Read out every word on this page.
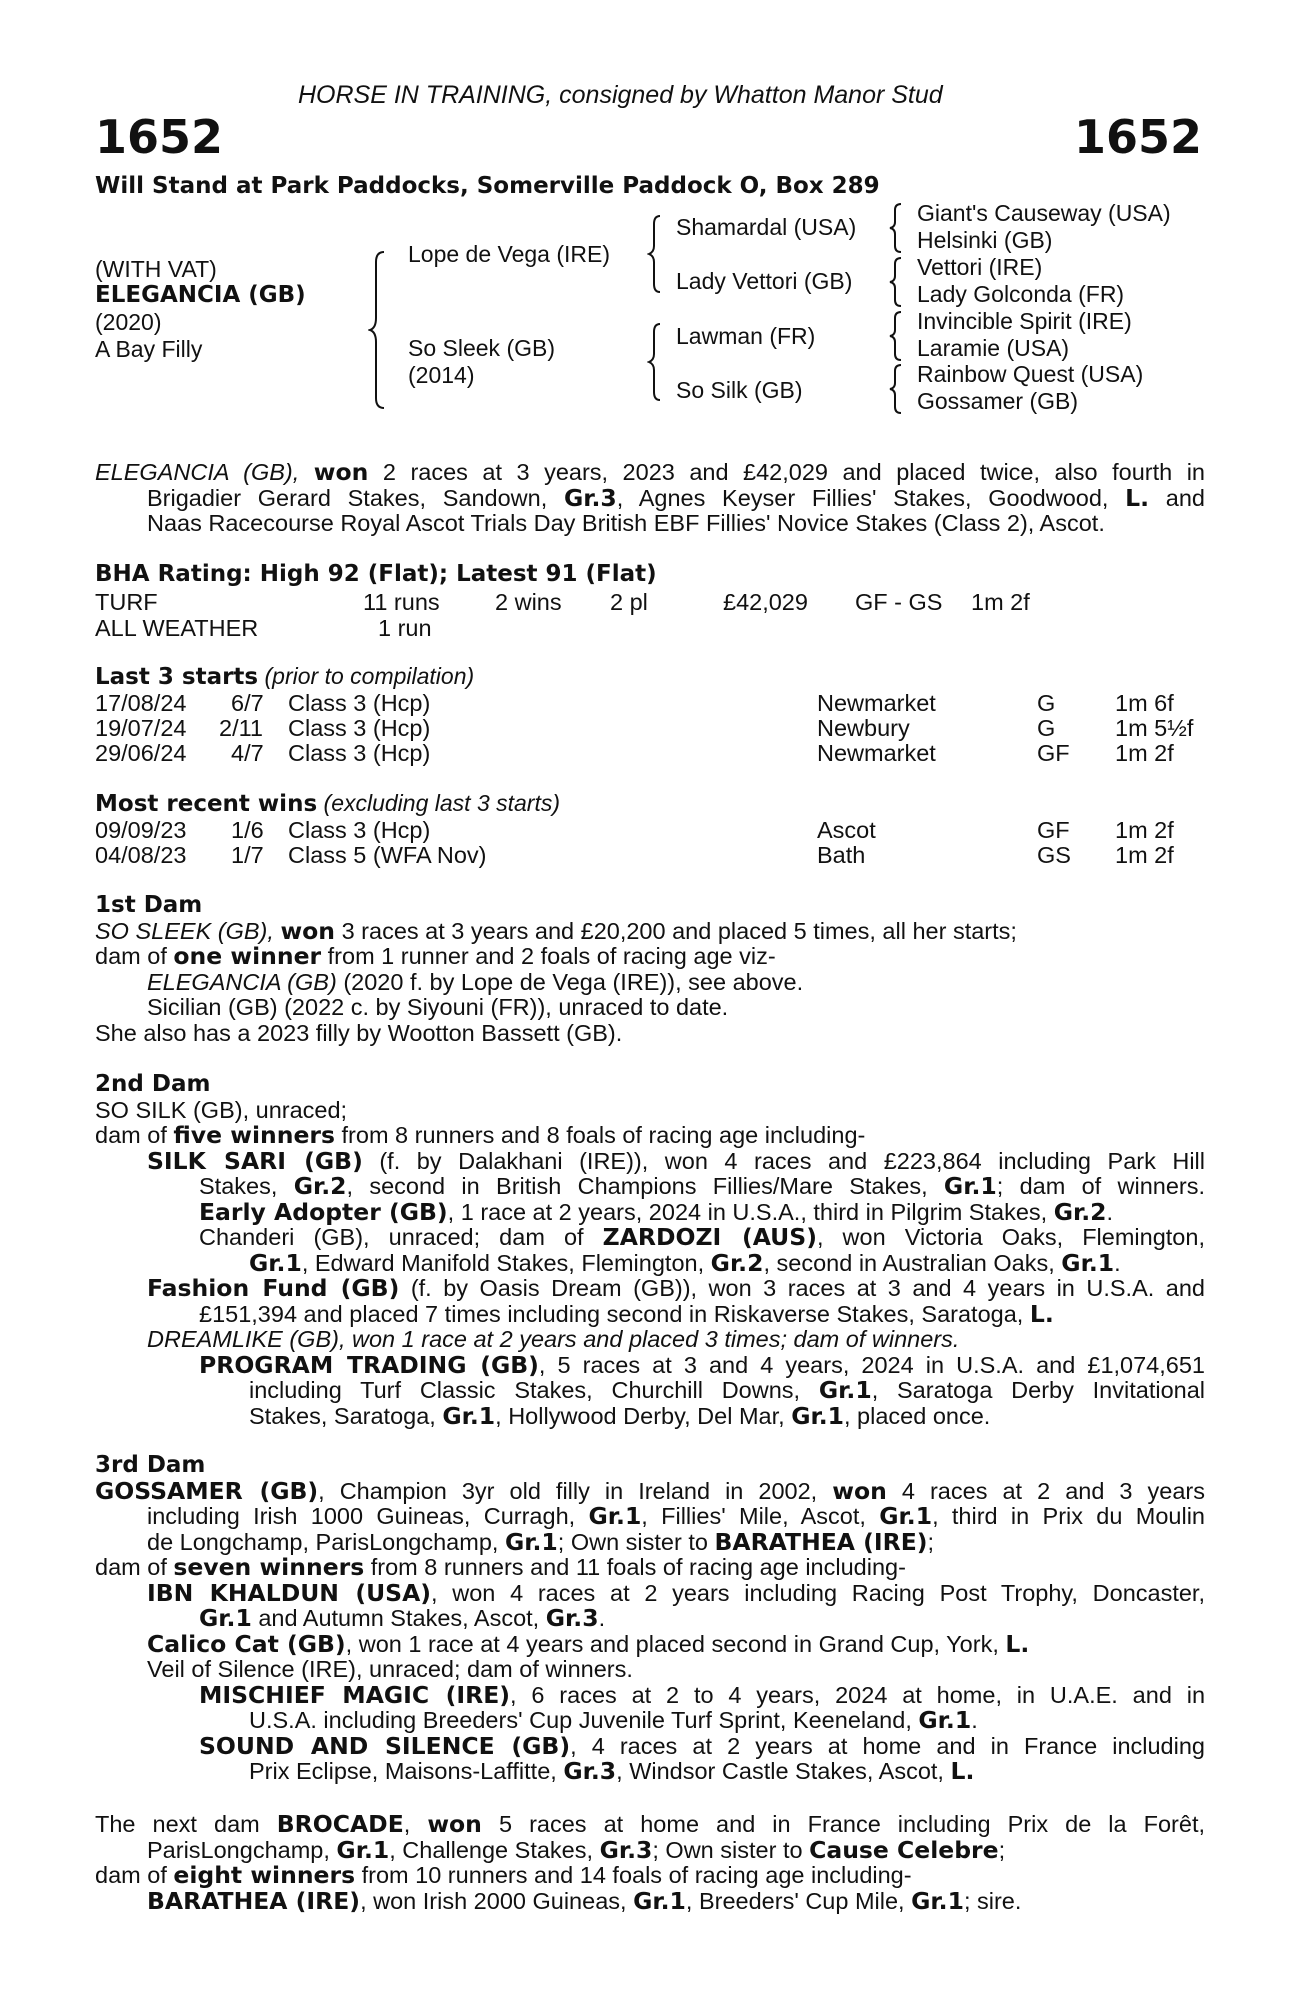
HORSE IN TRAINING, consigned by Whatton Manor Stud
1652	1652
Will Stand at Park Paddocks, Somerville Paddock O, Box 289
(WITH VAT)
ELEGANCIA (GB)
(2020)
A Bay Filly
Lope de Vega (IRE)
So Sleek (GB)
(2014)
Shamardal (USA)
Lady Vettori (GB)
Lawman (FR)
So Silk (GB)
Giant's Causeway (USA)
Helsinki (GB)
Vettori (IRE)
Lady Golconda (FR)
Invincible Spirit (IRE)
Laramie (USA)
Rainbow Quest (USA)
Gossamer (GB)
ELEGANCIA (GB), won 2 races at 3 years, 2023 and £42,029 and placed twice, also fourth in
Brigadier Gerard Stakes, Sandown, Gr.3, Agnes Keyser Fillies' Stakes, Goodwood, L. and
Naas Racecourse Royal Ascot Trials Day British EBF Fillies' Novice Stakes (Class 2), Ascot.
BHA Rating: High 92 (Flat); Latest 91 (Flat)
TURF	11 runs 2 wins 2 pl	£42,029 GF - GS 1m 2f
ALL WEATHER	1 run
Last 3 starts (prior to compilation)
17/08/24 6/7 Class 3 (Hcp)	Newmarket	G	1m 6f
19/07/24 2/11 Class 3 (Hcp)	Newbury	G	1m 5½f
29/06/24 4/7 Class 3 (Hcp)	Newmarket	GF 1m 2f
Most recent wins (excluding last 3 starts)
09/09/23 1/6 Class 3 (Hcp)	Ascot	GF 1m 2f
04/08/23 1/7 Class 5 (WFA Nov)	Bath	GS 1m 2f
1st Dam
SO SLEEK (GB), won 3 races at 3 years and £20,200 and placed 5 times, all her starts;
dam of one winner from 1 runner and 2 foals of racing age viz-
ELEGANCIA (GB) (2020 f. by Lope de Vega (IRE)), see above.
Sicilian (GB) (2022 c. by Siyouni (FR)), unraced to date.
She also has a 2023 filly by Wootton Bassett (GB).
2nd Dam
SO SILK (GB), unraced;
dam of five winners from 8 runners and 8 foals of racing age including-
SILK SARI (GB) (f. by Dalakhani (IRE)), won 4 races and £223,864 including Park Hill
Stakes, Gr.2, second in British Champions Fillies/Mare Stakes, Gr.1; dam of winners.
Early Adopter (GB), 1 race at 2 years, 2024 in U.S.A., third in Pilgrim Stakes, Gr.2.
Chanderi (GB), unraced; dam of ZARDOZI (AUS), won Victoria Oaks, Flemington,
Gr.1, Edward Manifold Stakes, Flemington, Gr.2, second in Australian Oaks, Gr.1.
Fashion Fund (GB) (f. by Oasis Dream (GB)), won 3 races at 3 and 4 years in U.S.A. and
£151,394 and placed 7 times including second in Riskaverse Stakes, Saratoga, L.
DREAMLIKE (GB), won 1 race at 2 years and placed 3 times; dam of winners.
PROGRAM TRADING (GB), 5 races at 3 and 4 years, 2024 in U.S.A. and £1,074,651
including Turf Classic Stakes, Churchill Downs, Gr.1, Saratoga Derby Invitational
Stakes, Saratoga, Gr.1, Hollywood Derby, Del Mar, Gr.1, placed once.
3rd Dam
GOSSAMER (GB), Champion 3yr old filly in Ireland in 2002, won 4 races at 2 and 3 years
including Irish 1000 Guineas, Curragh, Gr.1, Fillies' Mile, Ascot, Gr.1, third in Prix du Moulin
de Longchamp, ParisLongchamp, Gr.1; Own sister to BARATHEA (IRE);
dam of seven winners from 8 runners and 11 foals of racing age including-
IBN KHALDUN (USA), won 4 races at 2 years including Racing Post Trophy, Doncaster,
Gr.1 and Autumn Stakes, Ascot, Gr.3.
Calico Cat (GB), won 1 race at 4 years and placed second in Grand Cup, York, L.
Veil of Silence (IRE), unraced; dam of winners.
MISCHIEF MAGIC (IRE), 6 races at 2 to 4 years, 2024 at home, in U.A.E. and in
U.S.A. including Breeders' Cup Juvenile Turf Sprint, Keeneland, Gr.1.
SOUND AND SILENCE (GB), 4 races at 2 years at home and in France including
Prix Eclipse, Maisons-Laffitte, Gr.3, Windsor Castle Stakes, Ascot, L.
The next dam BROCADE, won 5 races at home and in France including Prix de la Forêt,
ParisLongchamp, Gr.1, Challenge Stakes, Gr.3; Own sister to Cause Celebre;
dam of eight winners from 10 runners and 14 foals of racing age including-
BARATHEA (IRE), won Irish 2000 Guineas, Gr.1, Breeders' Cup Mile, Gr.1; sire.
